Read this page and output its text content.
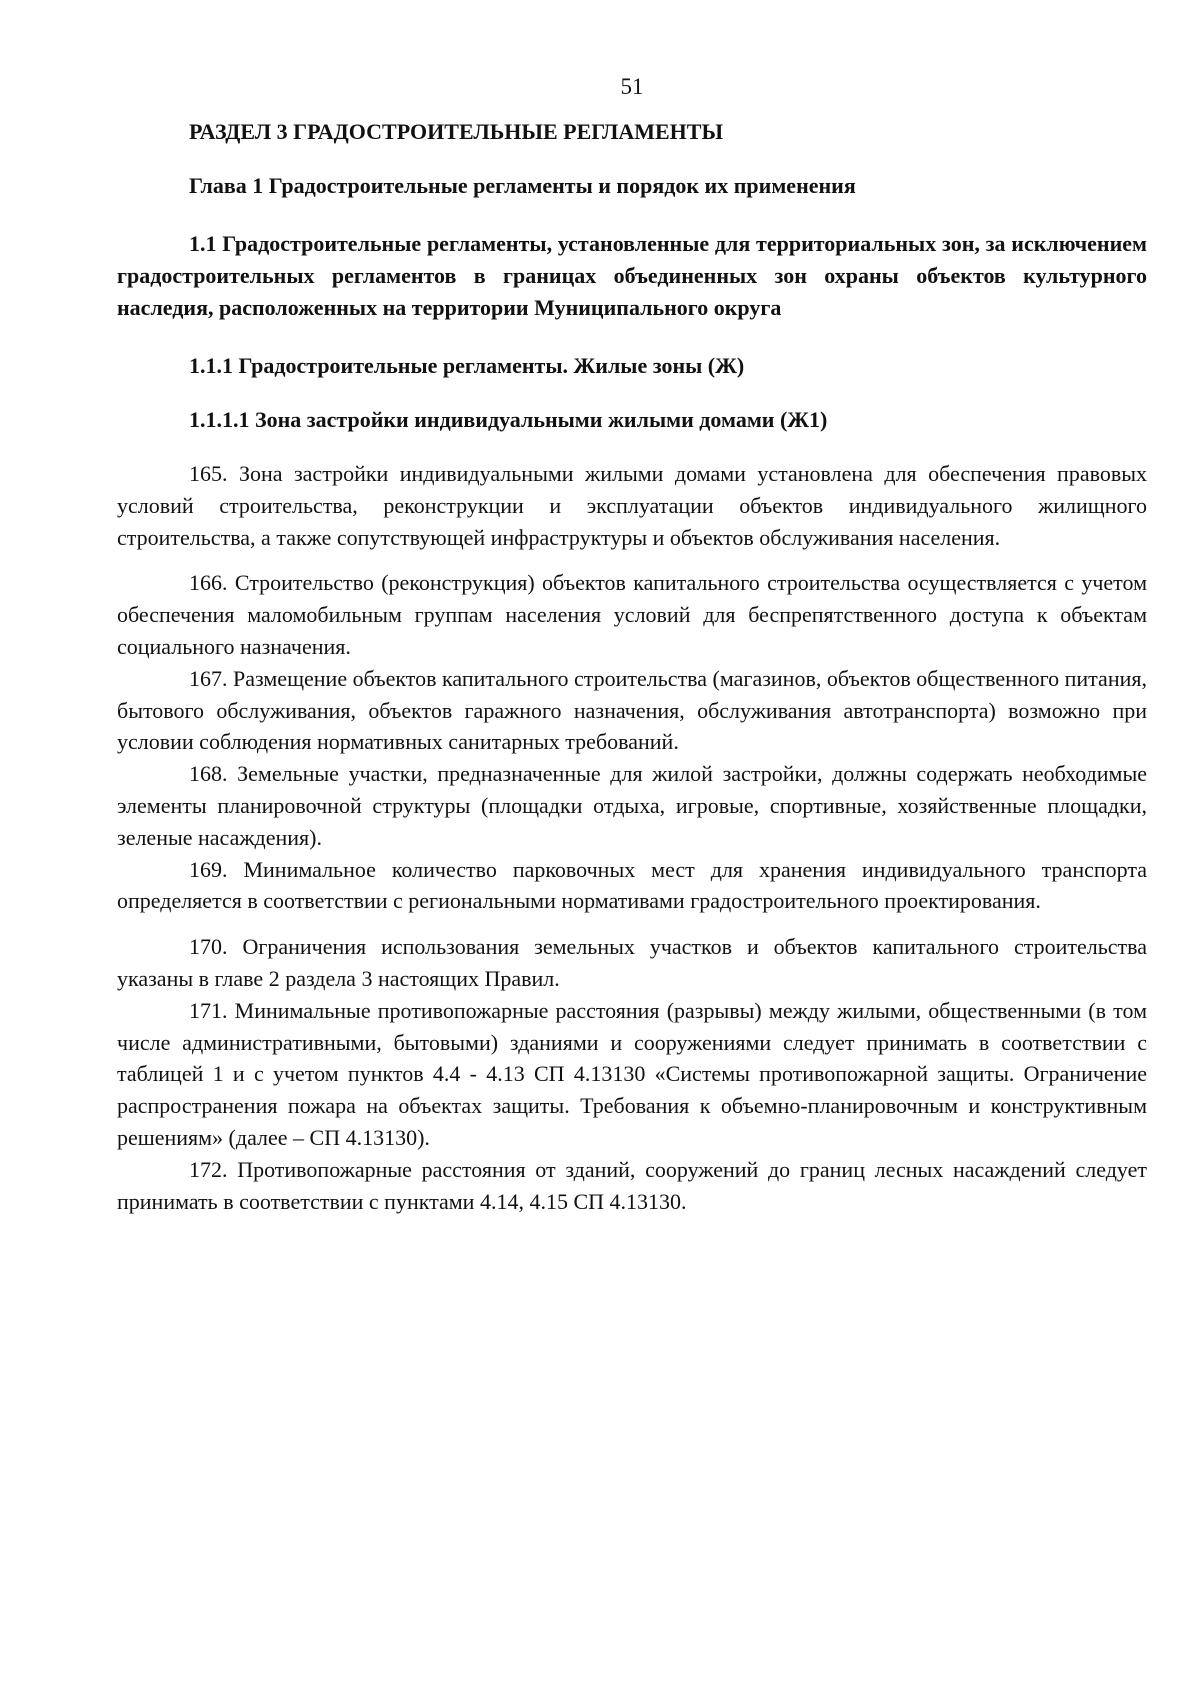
51
РАЗДЕЛ 3 ГРАДОСТРОИТЕЛЬНЫЕ РЕГЛАМЕНТЫ
Глава 1 Градостроительные регламенты и порядок их применения
1.1 Градостроительные регламенты, установленные для территориальных зон, за исключением градостроительных регламентов в границах объединенных зон охраны объектов культурного наследия, расположенных на территории Муниципального округа
1.1.1 Градостроительные регламенты. Жилые зоны (Ж)
1.1.1.1 Зона застройки индивидуальными жилыми домами (Ж1)

165. Зона застройки индивидуальными жилыми домами установлена для обеспечения правовых условий строительства, реконструкции и эксплуатации объектов индивидуального жилищного строительства, а также сопутствующей инфраструктуры и объектов обслуживания населения.

166. Строительство (реконструкция) объектов капитального строительства осуществляется с учетом обеспечения маломобильным группам населения условий для беспрепятственного доступа к объектам социального назначения.

167. Размещение объектов капитального строительства (магазинов, объектов общественного питания, бытового обслуживания, объектов гаражного назначения, обслуживания автотранспорта) возможно при условии соблюдения нормативных санитарных требований.

168. Земельные участки, предназначенные для жилой застройки, должны содержать необходимые элементы планировочной структуры (площадки отдыха, игровые, спортивные, хозяйственные площадки, зеленые насаждения).

169. Минимальное количество парковочных мест для хранения индивидуального транспорта определяется в соответствии с региональными нормативами градостроительного проектирования.

170. Ограничения использования земельных участков и объектов капитального строительства указаны в главе 2 раздела 3 настоящих Правил.

171. Минимальные противопожарные расстояния (разрывы) между жилыми, общественными (в том числе административными, бытовыми) зданиями и сооружениями следует принимать в соответствии с таблицей 1 и с учетом пунктов 4.4 - 4.13 СП 4.13130 «Системы противопожарной защиты. Ограничение распространения пожара на объектах защиты. Требования к объемно-планировочным и конструктивным решениям» (далее – СП 4.13130).

172. Противопожарные расстояния от зданий, сооружений до границ лесных насаждений следует принимать в соответствии с пунктами 4.14, 4.15 СП 4.13130.
